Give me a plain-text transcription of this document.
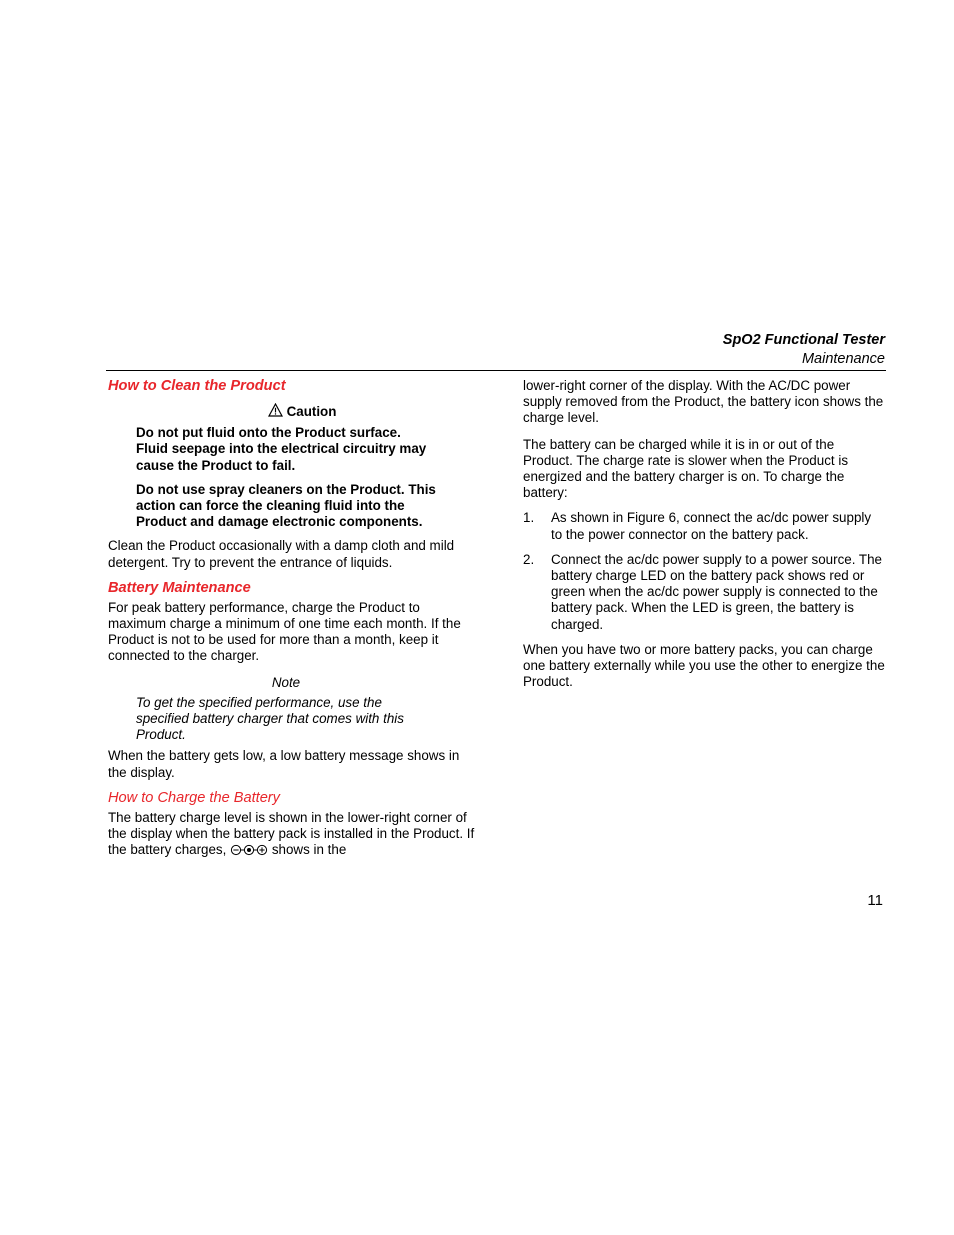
SpO2 Functional Tester
Maintenance
How to Clean the Product
Caution

Do not put fluid onto the Product surface. Fluid seepage into the electrical circuitry may cause the Product to fail.

Do not use spray cleaners on the Product. This action can force the cleaning fluid into the Product and damage electronic components.

Clean the Product occasionally with a damp cloth and mild detergent. Try to prevent the entrance of liquids.

Battery Maintenance

For peak battery performance, charge the Product to maximum charge a minimum of one time each month. If the Product is not to be used for more than a month, keep it connected to the charger.

Note

To get the specified performance, use the specified battery charger that comes with this Product.

When the battery gets low, a low battery message shows in the display.

How to Charge the Battery

The battery charge level is shown in the lower-right corner of the display when the battery pack is installed in the Product. If the battery charges,	shows in the

lower-right corner of the display. With the AC/DC power supply removed from the Product, the battery icon shows the charge level.

The battery can be charged while it is in or out of the Product. The charge rate is slower when the Product is energized and the battery charger is on. To charge the battery:

1.	As shown in Figure 6, connect the ac/dc power supply to the power connector on the battery pack.
2.	Connect the ac/dc power supply to a power source. The battery charge LED on the battery pack shows red or green when the ac/dc power supply is connected to the battery pack. When the LED is green, the battery is charged.

When you have two or more battery packs, you can charge one battery externally while you use the other to energize the Product.

11
